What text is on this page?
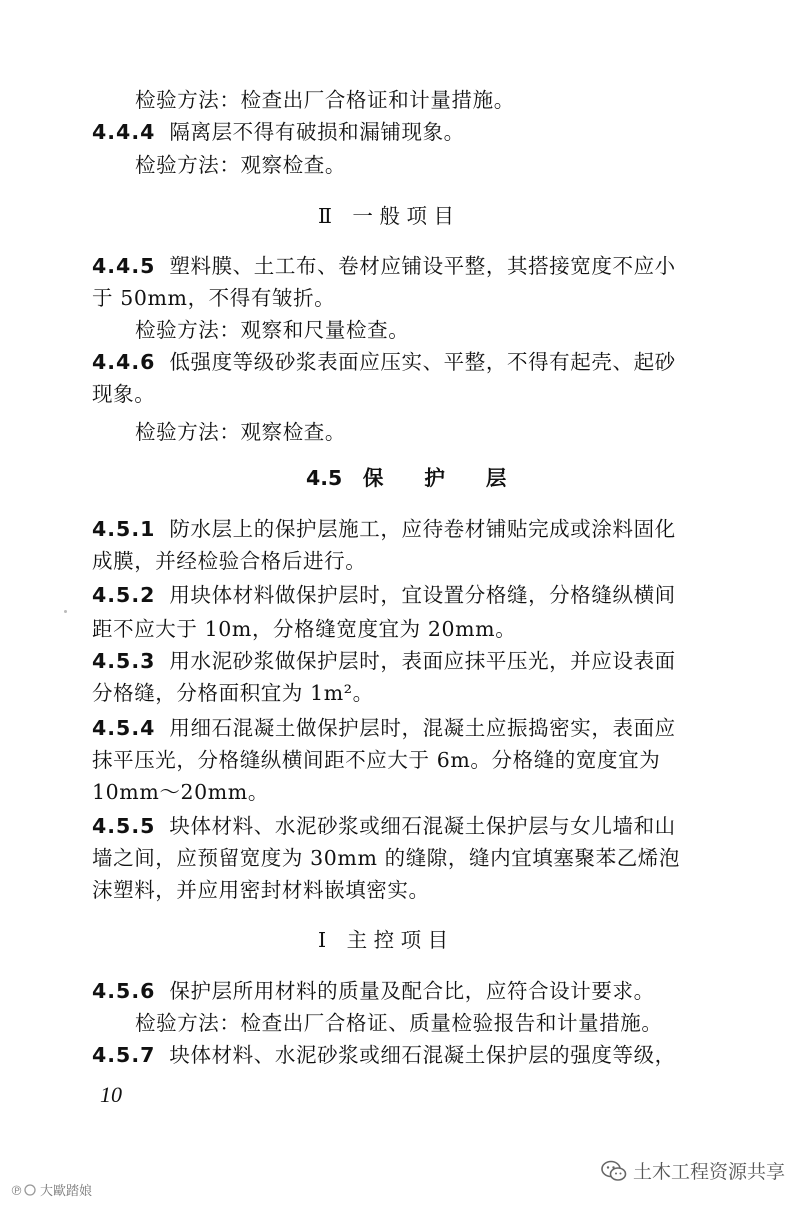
检验方法：检查出厂合格证和计量措施。
4.4.4 隔离层不得有破损和漏铺现象。
检验方法：观察检查。
Ⅱ　一 般 项 目
4.4.5 塑料膜、土工布、卷材应铺设平整，其搭接宽度不应小
于 50mm，不得有皱折。
检验方法：观察和尺量检查。
4.4.6 低强度等级砂浆表面应压实、平整，不得有起壳、起砂
现象。
检验方法：观察检查。
4.5　保　　护　　层
4.5.1 防水层上的保护层施工，应待卷材铺贴完成或涂料固化
成膜，并经检验合格后进行。
4.5.2 用块体材料做保护层时，宜设置分格缝，分格缝纵横间
距不应大于 10m，分格缝宽度宜为 20mm。
4.5.3 用水泥砂浆做保护层时，表面应抹平压光，并应设表面
分格缝，分格面积宜为 1m²。
4.5.4 用细石混凝土做保护层时，混凝土应振捣密实，表面应
抹平压光，分格缝纵横间距不应大于 6m。分格缝的宽度宜为
10mm～20mm。
4.5.5 块体材料、水泥砂浆或细石混凝土保护层与女儿墙和山
墙之间，应预留宽度为 30mm 的缝隙，缝内宜填塞聚苯乙烯泡
沫塑料，并应用密封材料嵌填密实。
Ⅰ　主 控 项 目
4.5.6 保护层所用材料的质量及配合比，应符合设计要求。
检验方法：检查出厂合格证、质量检验报告和计量措施。
4.5.7 块体材料、水泥砂浆或细石混凝土保护层的强度等级，
10
土木工程资源共享
℗ 大歐踏娘
